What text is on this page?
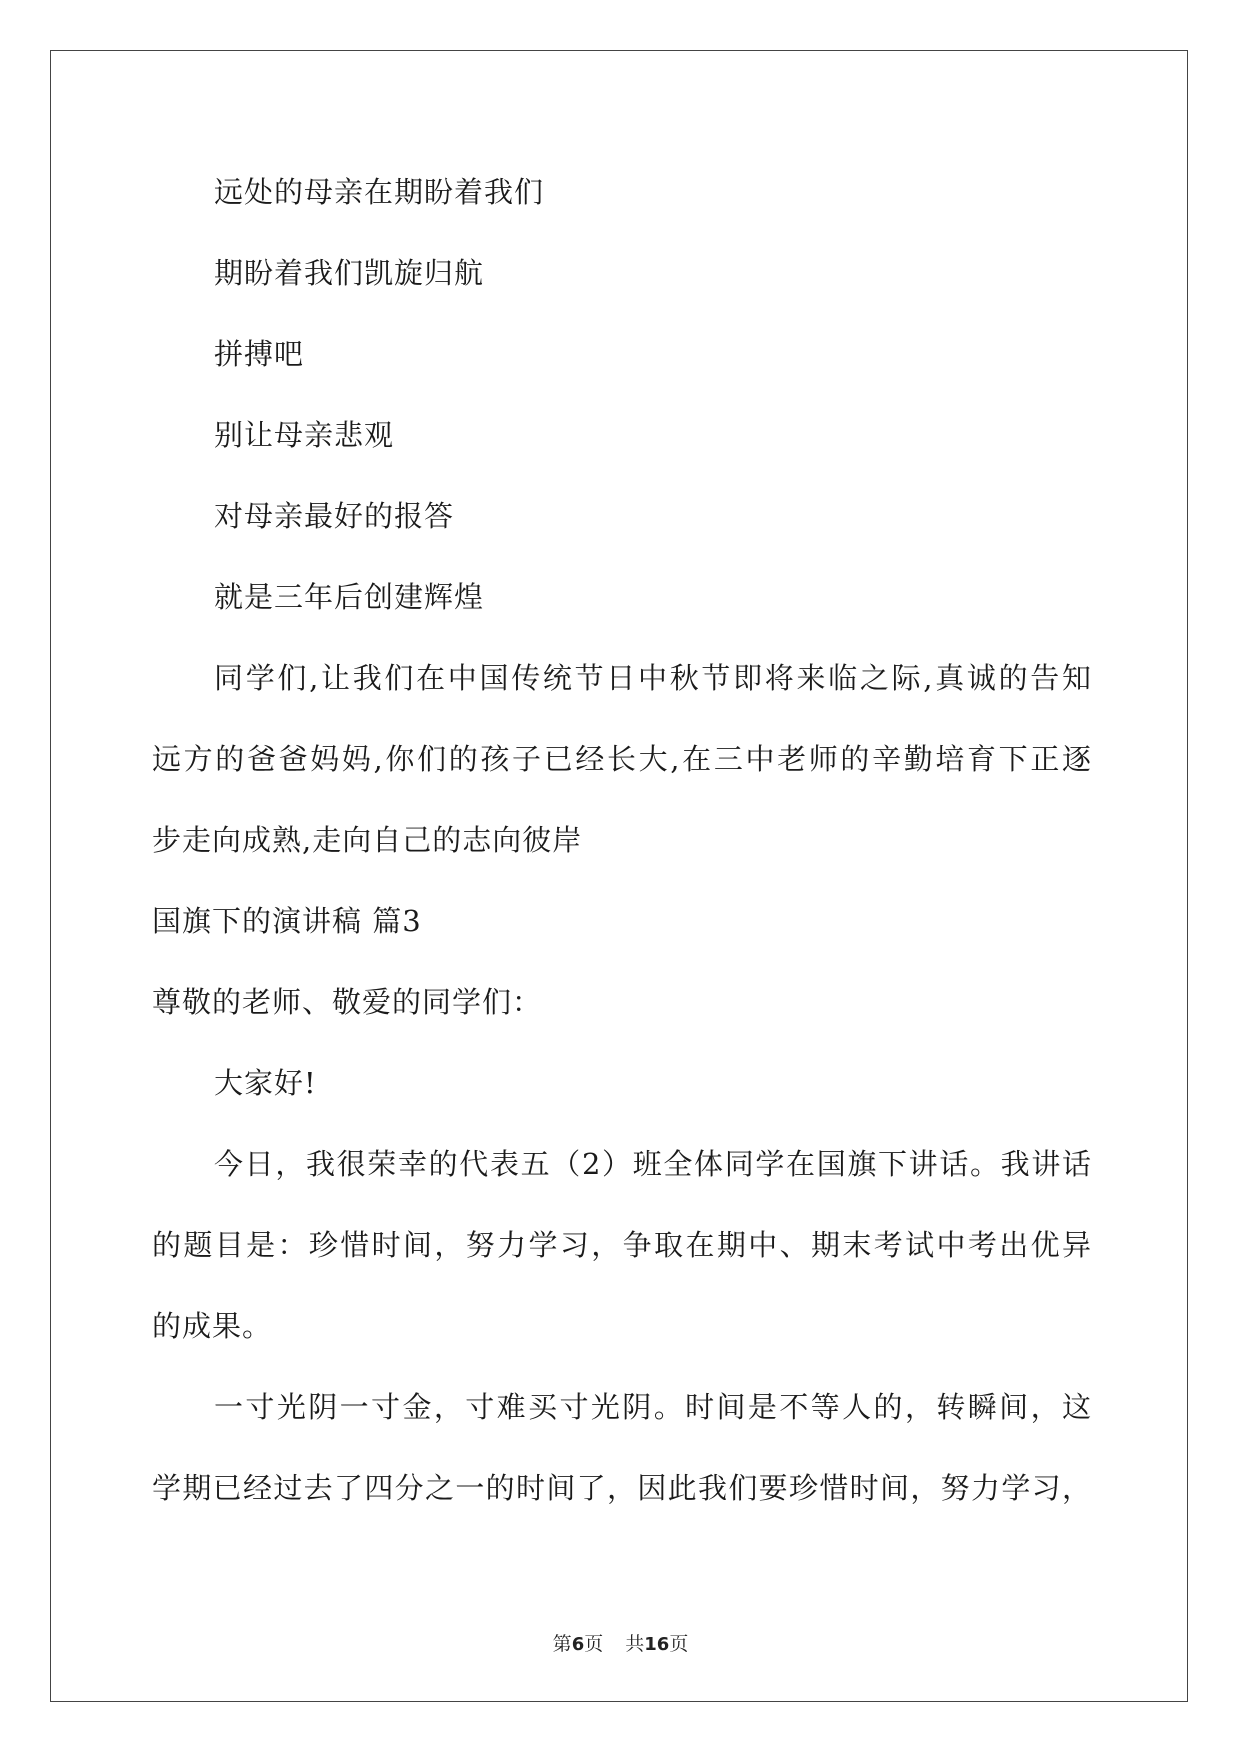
远处的母亲在期盼着我们
期盼着我们凯旋归航
拼搏吧
别让母亲悲观
对母亲最好的报答
就是三年后创建辉煌
同学们,让我们在中国传统节日中秋节即将来临之际,真诚的告知
远方的爸爸妈妈,你们的孩子已经长大,在三中老师的辛勤培育下正逐
步走向成熟,走向自己的志向彼岸
国旗下的演讲稿 篇3
尊敬的老师、敬爱的同学们：
大家好!
今日，我很荣幸的代表五（2）班全体同学在国旗下讲话。我讲话
的题目是：珍惜时间，努力学习，争取在期中、期末考试中考出优异
的成果。
一寸光阴一寸金，寸难买寸光阴。时间是不等人的，转瞬间，这
学期已经过去了四分之一的时间了，因此我们要珍惜时间，努力学习，
第6页 共16页
